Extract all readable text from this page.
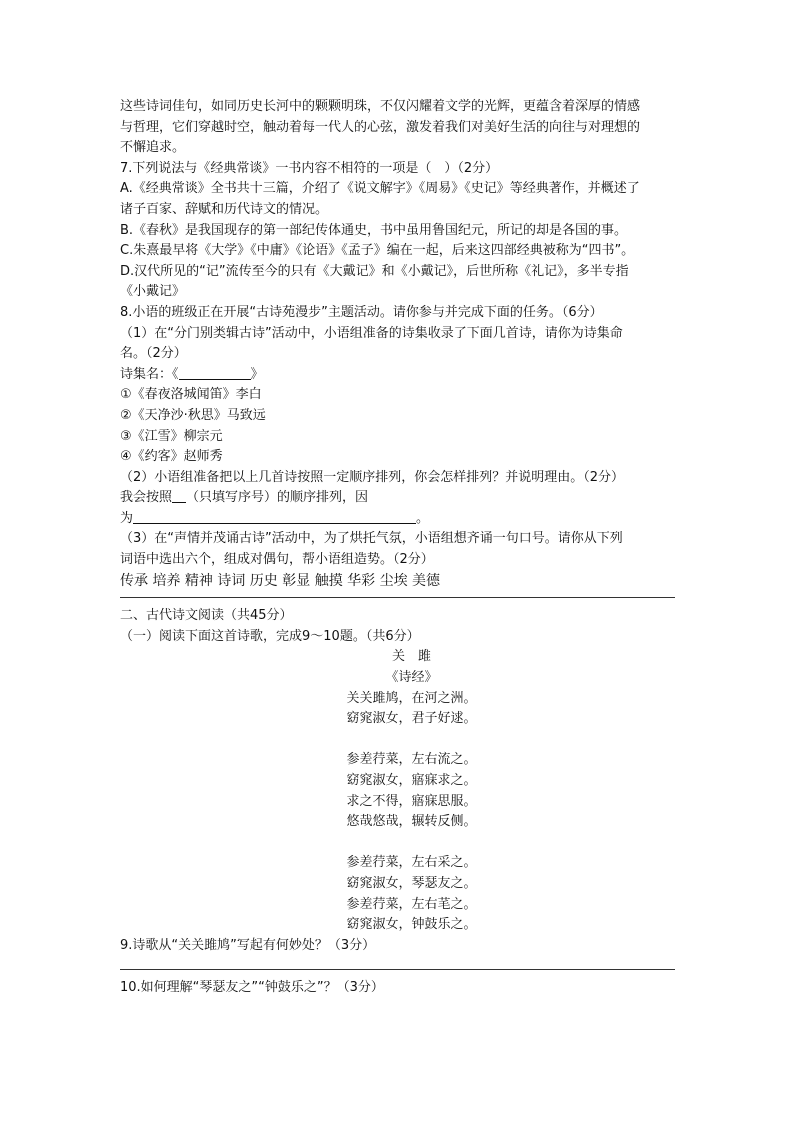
这些诗词佳句，如同历史长河中的颗颗明珠，不仅闪耀着文学的光辉，更蕴含着深厚的情感
与哲理，它们穿越时空，触动着每一代人的心弦，激发着我们对美好生活的向往与对理想的
不懈追求。
7.下列说法与《经典常谈》一书内容不相符的一项是（　）（2分）
A.《经典常谈》全书共十三篇，介绍了《说文解字》《周易》《史记》等经典著作，并概述了
诸子百家、辞赋和历代诗文的情况。
B.《春秋》是我国现存的第一部纪传体通史，书中虽用鲁国纪元，所记的却是各国的事。
C.朱熹最早将《大学》《中庸》《论语》《孟子》编在一起，后来这四部经典被称为“四书”。
D.汉代所见的“记”流传至今的只有《大戴记》和《小戴记》，后世所称《礼记》，多半专指
《小戴记》
8.小语的班级正在开展“古诗苑漫步”主题活动。请你参与并完成下面的任务。（6分）
（1）在“分门别类辑古诗”活动中，小语组准备的诗集收录了下面几首诗，请你为诗集命
名。（2分）
诗集名：《	》
①《春夜洛城闻笛》李白
②《天净沙·秋思》马致远
③《江雪》柳宗元
④《约客》赵师秀
（2）小语组准备把以上几首诗按照一定顺序排列，你会怎样排列？并说明理由。（2分）
我会按照 （只填写序号）的顺序排列，因
为	。
（3）在“声情并茂诵古诗”活动中，为了烘托气氛，小语组想齐诵一句口号。请你从下列
词语中选出六个，组成对偶句，帮小语组造势。（2分）
传承 培养 精神 诗词 历史 彰显 触摸 华彩 尘埃 美德
二、古代诗文阅读（共45分）
（一）阅读下面这首诗歌，完成9～10题。（共6分）
关　雎
《诗经》
关关雎鸠，在河之洲。
窈窕淑女，君子好逑。
参差荇菜，左右流之。
窈窕淑女，寤寐求之。
求之不得，寤寐思服。
悠哉悠哉，辗转反侧。
参差荇菜，左右采之。
窈窕淑女，琴瑟友之。
参差荇菜，左右芼之。
窈窕淑女，钟鼓乐之。
9.诗歌从“关关雎鸠”写起有何妙处？（3分）
10.如何理解“琴瑟友之”“钟鼓乐之”？（3分）
